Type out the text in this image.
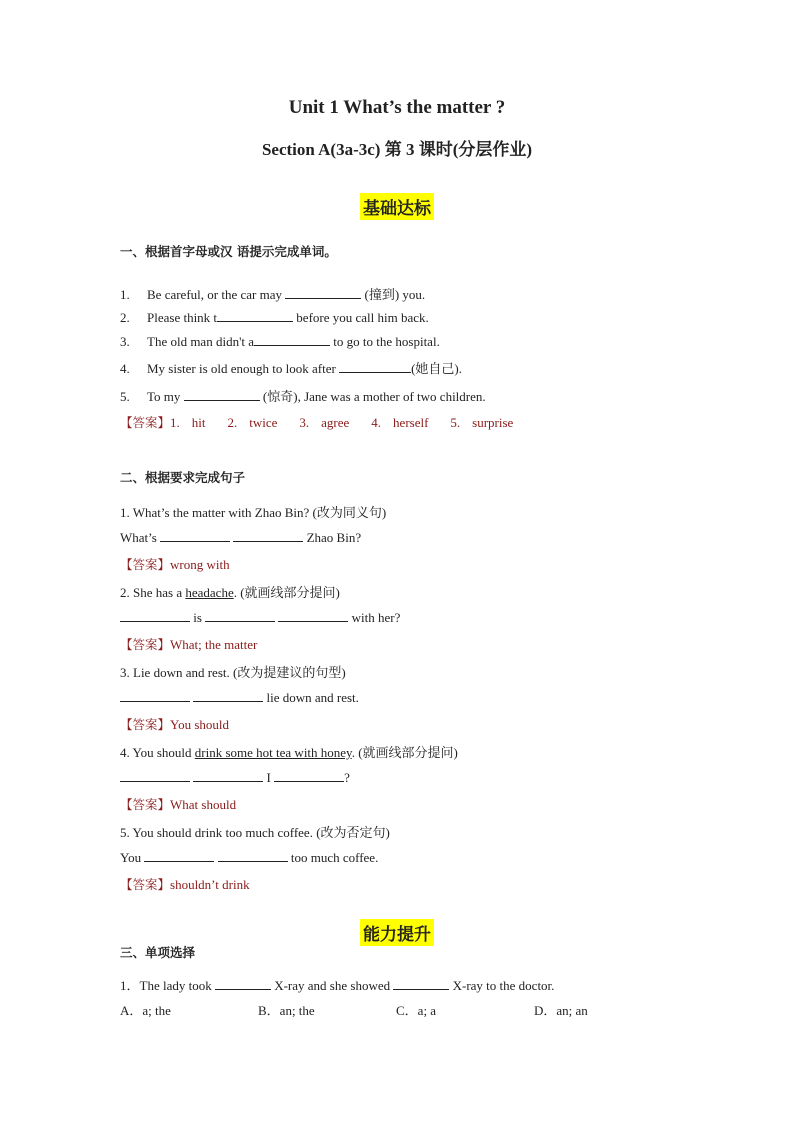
Unit 1 What’s the matter ?
Section A(3a-3c) 第 3 课时(分层作业)
基础达标
一、根据首字母或汉 语提示完成单词。
1. Be careful, or the car may	(撞到) you.
2. Please think t	before you call him back.
3. The old man didn't a	to go to the hospital.
4. My sister is old enough to look after	(她自己).
5. To my	(惊奇), Jane was a mother of two children.
【答案】1. hit 2. twice 3. agree 4. herself 5. surprise
二、根据要求完成句子
1. What’s the matter with Zhao Bin? (改为同义句)
What’s	Zhao Bin?
【答案】wrong with
2. She has a headache. (就画线部分提问)
is	with her?
【答案】What; the matter
3. Lie down and rest. (改为提建议的句型)
lie down and rest.
【答案】You should
4. You should drink some hot tea with honey. (就画线部分提问)
I	?
【答案】What should
5. You should drink too much coffee. (改为否定句)
You	too much coffee.
【答案】shouldn’t drink
能力提升
三、单项选择
1．The lady took	X-ray and she showed	X-ray to the doctor.
A．a; the	B．an; the	C．a; a	D．an; an
